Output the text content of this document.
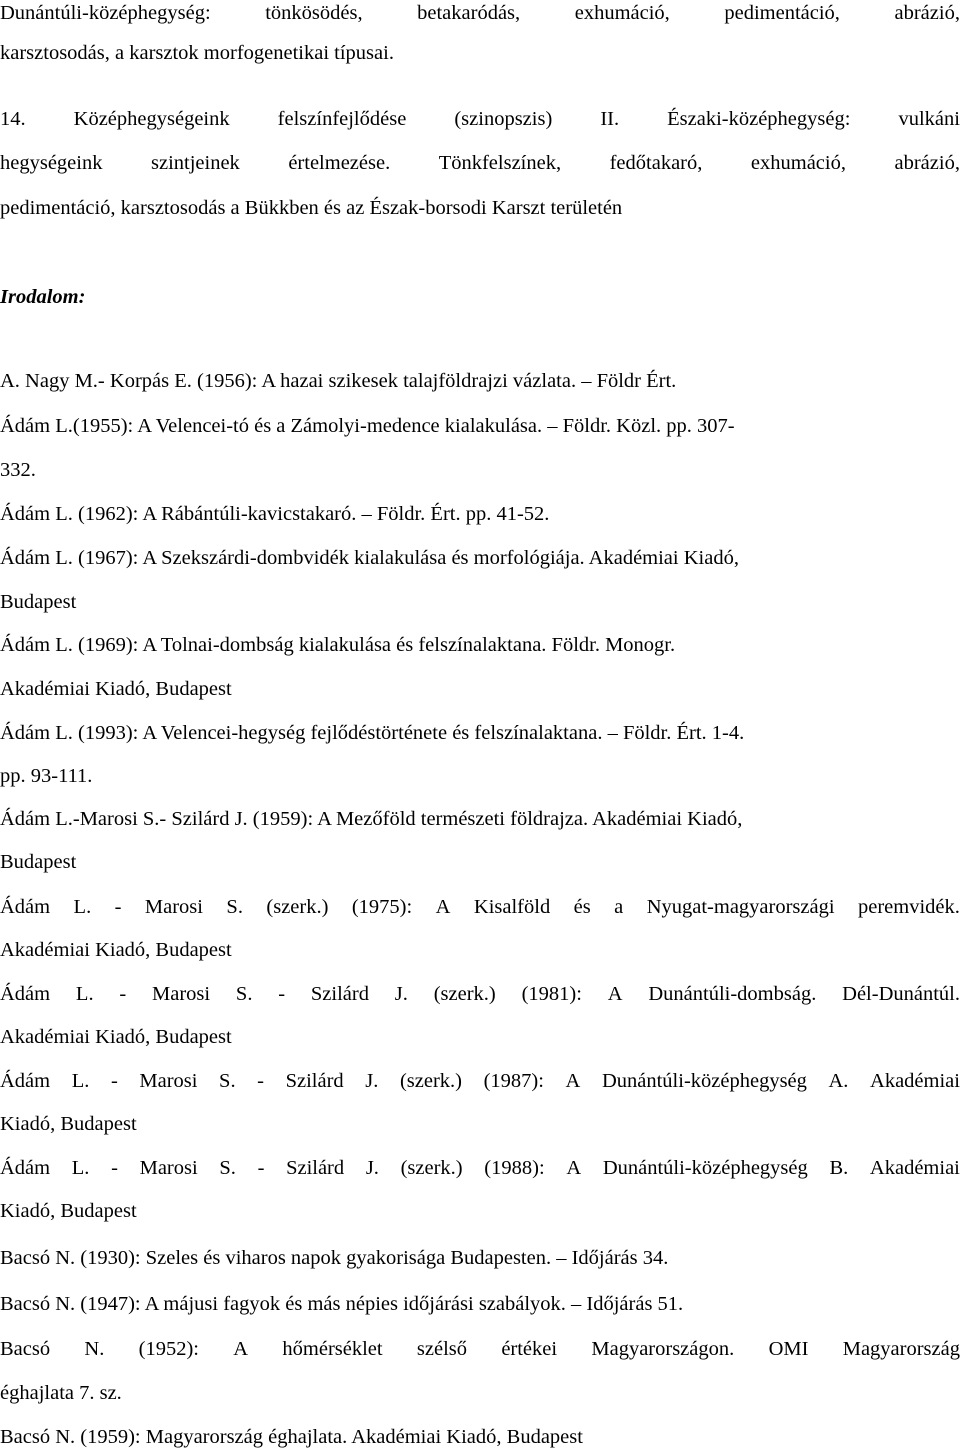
Dunántúli-középhegység:	tönkösödés,	betakaródás,	exhumáció,	pedimentáció,	abrázió,
karsztosodás, a karsztok morfogenetikai típusai.
14. Középhegységeink felszínfejlődése (szinopszis) II. Északi-középhegység: vulkáni
hegységeink szintjeinek értelmezése. Tönkfelszínek, fedőtakaró, exhumáció, abrázió,
pedimentáció, karsztosodás a Bükkben és az Észak-borsodi Karszt területén
Irodalom:
A. Nagy M.- Korpás E. (1956): A hazai szikesek talajföldrajzi vázlata. – Földr Ért.
Ádám L.(1955): A Velencei-tó és a Zámolyi-medence kialakulása. – Földr. Közl. pp. 307-
332.
Ádám L. (1962): A Rábántúli-kavicstakaró. – Földr. Ért. pp. 41-52.
Ádám L. (1967): A Szekszárdi-dombvidék kialakulása és morfológiája. Akadémiai Kiadó,
Budapest
Ádám L. (1969): A Tolnai-dombság kialakulása és felszínalaktana. Földr. Monogr.
Akadémiai Kiadó, Budapest
Ádám L. (1993): A Velencei-hegység fejlődéstörténete és felszínalaktana. – Földr. Ért. 1-4.
pp. 93-111.
Ádám L.-Marosi S.- Szilárd J. (1959): A Mezőföld természeti földrajza. Akadémiai Kiadó,
Budapest
Ádám L. - Marosi S. (szerk.) (1975): A Kisalföld és a Nyugat-magyarországi peremvidék.
Akadémiai Kiadó, Budapest
Ádám L. - Marosi S. - Szilárd J. (szerk.) (1981): A Dunántúli-dombság. Dél-Dunántúl.
Akadémiai Kiadó, Budapest
Ádám L. - Marosi S. - Szilárd J. (szerk.) (1987): A Dunántúli-középhegység A. Akadémiai
Kiadó, Budapest
Ádám L. - Marosi S. - Szilárd J. (szerk.) (1988): A Dunántúli-középhegység B. Akadémiai
Kiadó, Budapest
Bacsó N. (1930): Szeles és viharos napok gyakorisága Budapesten. – Időjárás 34.
Bacsó N. (1947): A májusi fagyok és más népies időjárási szabályok. – Időjárás 51.
Bacsó N. (1952): A hőmérséklet szélső értékei Magyarországon. OMI Magyarország
éghajlata 7. sz.
Bacsó N. (1959): Magyarország éghajlata. Akadémiai Kiadó, Budapest
